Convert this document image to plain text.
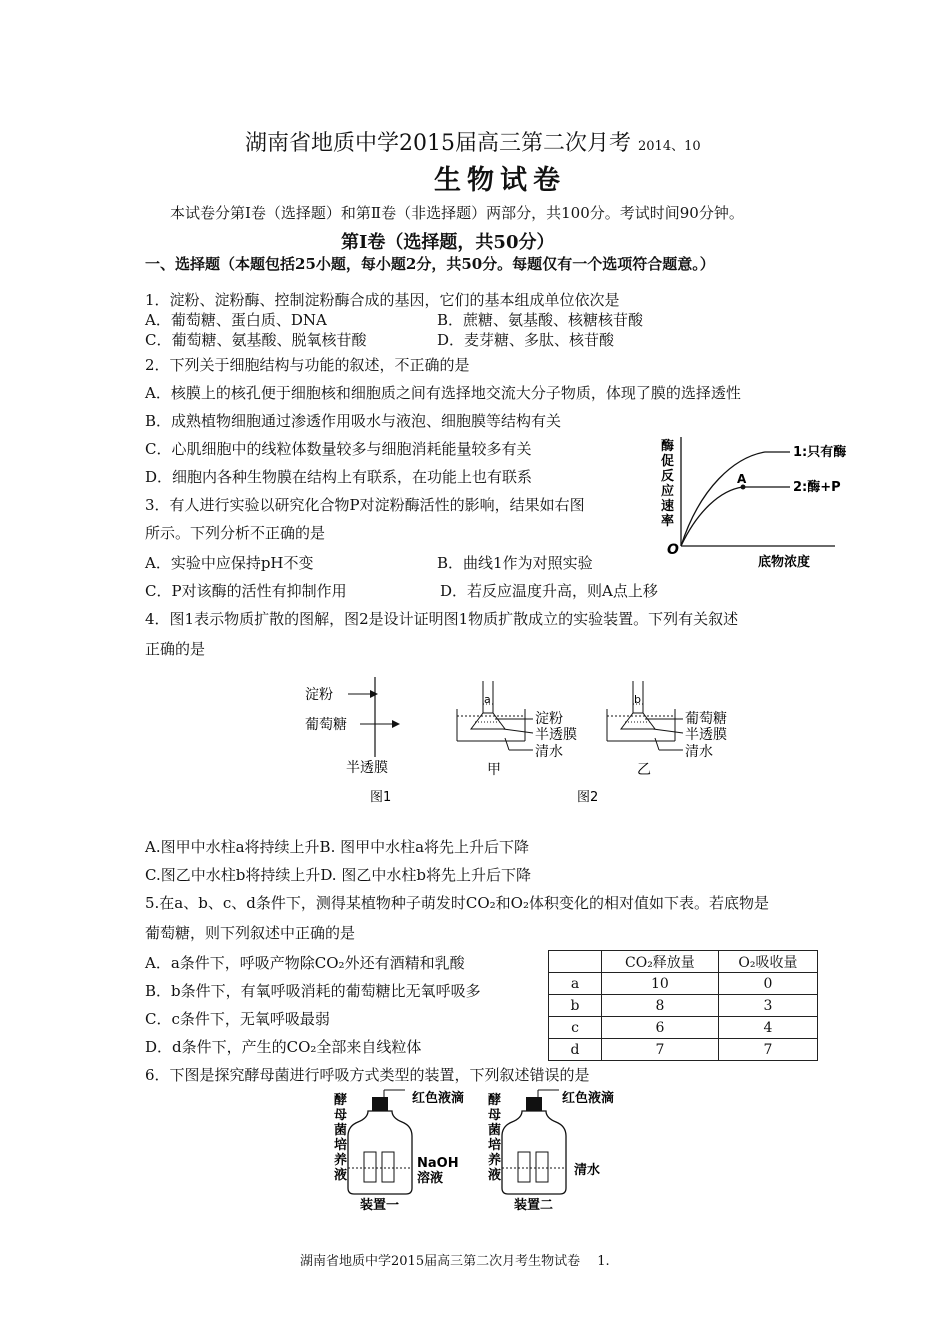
湖南省地质中学2015届高三第二次月考 2014、10
生物试卷
本试卷分第Ⅰ卷（选择题）和第Ⅱ卷（非选择题）两部分，共100分。考试时间90分钟。
第Ⅰ卷（选择题，共50分）
一、选择题（本题包括25小题，每小题2分，共50分。每题仅有一个选项符合题意。）
1．淀粉、淀粉酶、控制淀粉酶合成的基因，它们的基本组成单位依次是
A．葡萄糖、蛋白质、DNA	B．蔗糖、氨基酸、核糖核苷酸
C．葡萄糖、氨基酸、脱氧核苷酸	D．麦芽糖、多肽、核苷酸
2．下列关于细胞结构与功能的叙述，不正确的是
A．核膜上的核孔便于细胞核和细胞质之间有选择地交流大分子物质，体现了膜的选择透性
B．成熟植物细胞通过渗透作用吸水与液泡、细胞膜等结构有关
C．心肌细胞中的线粒体数量较多与细胞消耗能量较多有关
D．细胞内各种生物膜在结构上有联系，在功能上也有联系
3．有人进行实验以研究化合物P对淀粉酶活性的影响，结果如右图
所示。下列分析不正确的是
A．实验中应保持pH不变	B．曲线1作为对照实验
C．P对该酶的活性有抑制作用	D．若反应温度升高，则A点上移
酶
促
反
应
速
率
O
底物浓度
A
1:只有酶
2:酶+P
4．图1表示物质扩散的图解，图2是设计证明图1物质扩散成立的实验装置。下列有关叙述
正确的是
淀粉
葡萄糖
半透膜
图1
a
淀粉
半透膜
清水
甲
b
葡萄糖
半透膜
清水
乙
图2
A.图甲中水柱a将持续上升B. 图甲中水柱a将先上升后下降
C.图乙中水柱b将持续上升D. 图乙中水柱b将先上升后下降
5.在a、b、c、d条件下，测得某植物种子萌发时CO₂和O₂体积变化的相对值如下表。若底物是
葡萄糖，则下列叙述中正确的是
A．a条件下，呼吸产物除CO₂外还有酒精和乳酸
B．b条件下，有氧呼吸消耗的葡萄糖比无氧呼吸多
C．c条件下，无氧呼吸最弱
D．d条件下，产生的CO₂全部来自线粒体
	CO₂释放量	O₂吸收量
a	10	0
b	8	3
c	6	4
d	7	7
6．下图是探究酵母菌进行呼吸方式类型的装置，下列叙述错误的是
酵
母
菌
培
养
液
红色液滴
NaOH
溶液
装置一
酵
母
菌
培
养
液
红色液滴
清水
装置二
湖南省地质中学2015届高三第二次月考生物试卷　 1.
